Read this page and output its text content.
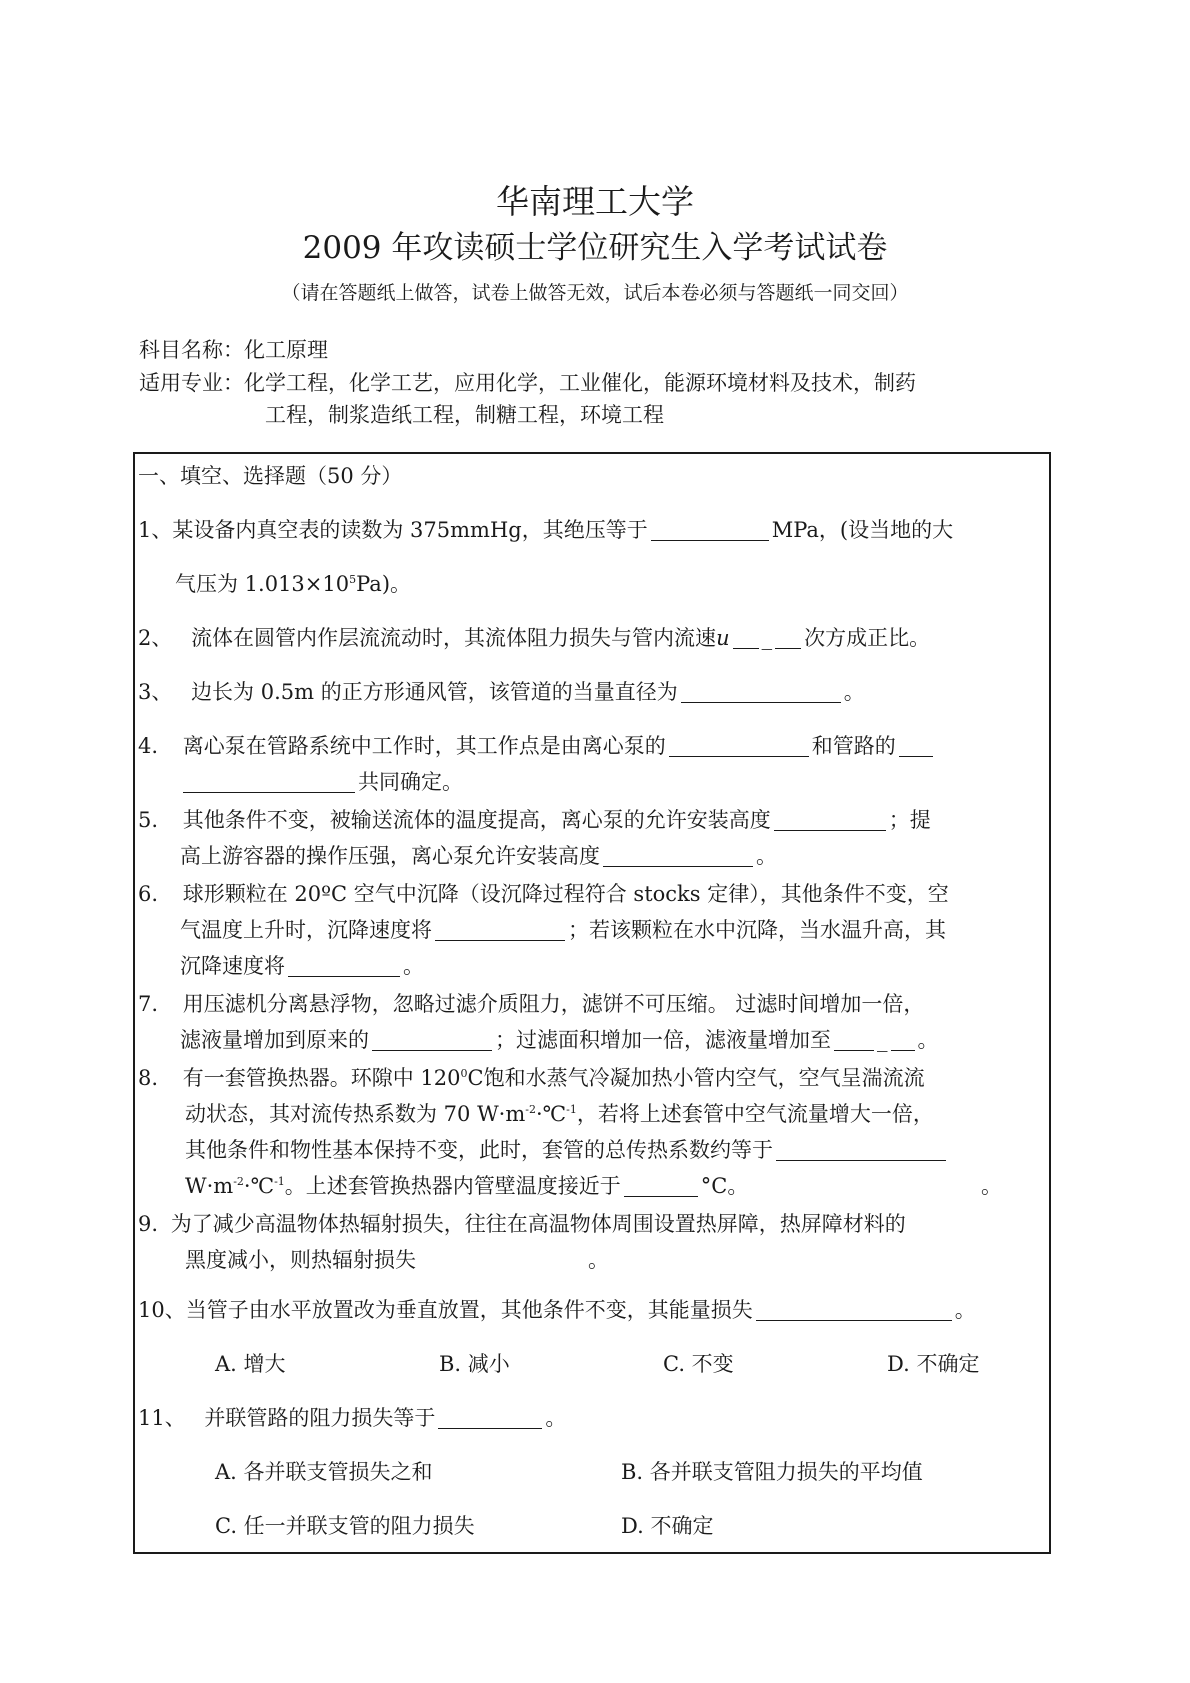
华南理工大学
2009 年攻读硕士学位研究生入学考试试卷
（请在答题纸上做答，试卷上做答无效，试后本卷必须与答题纸一同交回）
科目名称：化工原理
适用专业：化学工程，化学工艺，应用化学，工业催化，能源环境材料及技术，制药
工程，制浆造纸工程，制糖工程，环境工程
一、填空、选择题（50 分）
1、某设备内真空表的读数为 375mmHg，其绝压等于	MPa，(设当地的大
气压为 $1.013\times 10^5Pa$)。
2、 流体在圆管内作层流流动时，其流体阻力损失与管内流速u _ 次方成正比。
3、 边长为 0.5m 的正方形通风管，该管道的当量直径为	。
4. 离心泵在管路系统中工作时，其工作点是由离心泵的	和管路的
共同确定。
5. 其他条件不变，被输送流体的温度提高，离心泵的允许安装高度	；提
高上游容器的操作压强，离心泵允许安装高度	。
6. 球形颗粒在 20ºC 空气中沉降（设沉降过程符合 stocks 定律），其他条件不变，空
气温度上升时，沉降速度将	；若该颗粒在水中沉降，当水温升高，其
沉降速度将	。
7. 用压滤机分离悬浮物，忽略过滤介质阻力，滤饼不可压缩。 过滤时间增加一倍，
滤液量增加到原来的	；过滤面积增加一倍，滤液量增加至 _ 。
8. 有一套管换热器。环隙中 $120^0C$饱和水蒸气冷凝加热小管内空气，空气呈湍流流
动状态，其对流传热系数为 70 $W\cdot m^{-2}\cdot℃^{-1}$，若将上述套管中空气流量增大一倍，
其他条件和物性基本保持不变，此时，套管的总传热系数约等于
$W\cdot m^{-2}\cdot℃^{-1}$。上述套管换热器内管壁温度接近于	°C。	。
9. 为了减少高温物体热辐射损失，往往在高温物体周围设置热屏障，热屏障材料的
黑度减小，则热辐射损失	。
10、当管子由水平放置改为垂直放置，其他条件不变，其能量损失	。
A. 增大	B. 减小	C. 不变	D. 不确定
11、 并联管路的阻力损失等于	。
A. 各并联支管损失之和	B. 各并联支管阻力损失的平均值
C. 任一并联支管的阻力损失	D. 不确定
